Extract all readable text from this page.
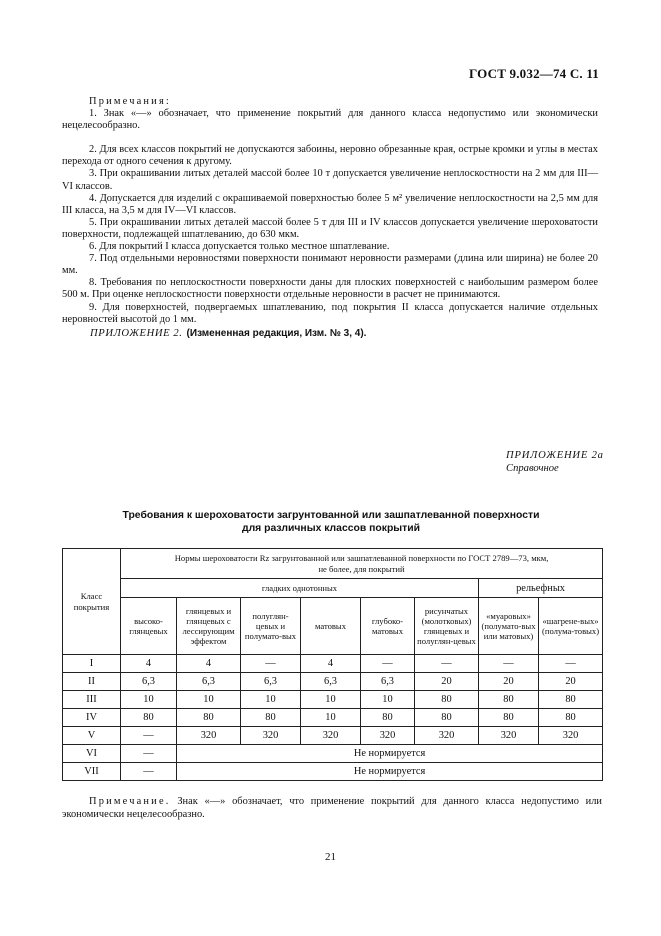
ГОСТ 9.032—74 С. 11

Примечания:

1. Знак «—» обозначает, что применение покрытий для данного класса недопустимо или экономически нецелесообразно.

2. Для всех классов покрытий не допускаются забоины, неровно обрезанные края, острые кромки и углы в местах перехода от одного сечения к другому.

3. При окрашивании литых деталей массой более 10 т допускается увеличение неплоскостности на 2 мм для III—VI классов.

4. Допускается для изделий с окрашиваемой поверхностью более 5 м² увеличение неплоскостности на 2,5 мм для III класса, на 3,5 м для IV—VI классов.

5. При окрашивании литых деталей массой более 5 т для III и IV классов допускается увеличение шероховатости поверхности, подлежащей шпатлеванию, до 630 мкм.

6. Для покрытий I класса допускается только местное шпатлевание.

7. Под отдельными неровностями поверхности понимают неровности размерами (длина или ширина) не более 20 мм.

8. Требования по неплоскостности поверхности даны для плоских поверхностей с наибольшим размером более 500 м. При оценке неплоскостности поверхности отдельные неровности в расчет не принимаются.

9. Для поверхностей, подвергаемых шпатлеванию, под покрытия II класса допускается наличие отдельных неровностей высотой до 1 мм.

ПРИЛОЖЕНИЕ 2. (Измененная редакция, Изм. № 3, 4).
ПРИЛОЖЕНИЕ 2а
Справочное
Требования к шероховатости загрунтованной или зашпатлеванной поверхности
для различных классов покрытий
Класс покрытия	Нормы шероховатости Rz загрунтованной или зашпатлеванной поверхности по ГОСТ 2789—73, мкм,
не более, для покрытий							

	гладких однотонных						рельефных	
	высоко-глянцевых	глянцевых и глянцевых с лессирующим эффектом	полуглян-цевых и полумато-вых	матовых	глубоко-матовых	рисунчатых (молотковых) глянцевых и полуглян-цевых	«муаровых» (полумато-вых или матовых)	«шагрене-вых» (полума-товых)
I	4	4	—	4	—	—	—	—
II	6,3	6,3	6,3	6,3	6,3	20	20	20
III	10	10	10	10	10	80	80	80
IV	80	80	80	10	80	80	80	80
V	—	320	320	320	320	320	320	320
VI	—	Не нормируется						
VII	—	Не нормируется						
Примечание. Знак «—» обозначает, что применение покрытий для данного класса недопустимо или экономически нецелесообразно.
21
